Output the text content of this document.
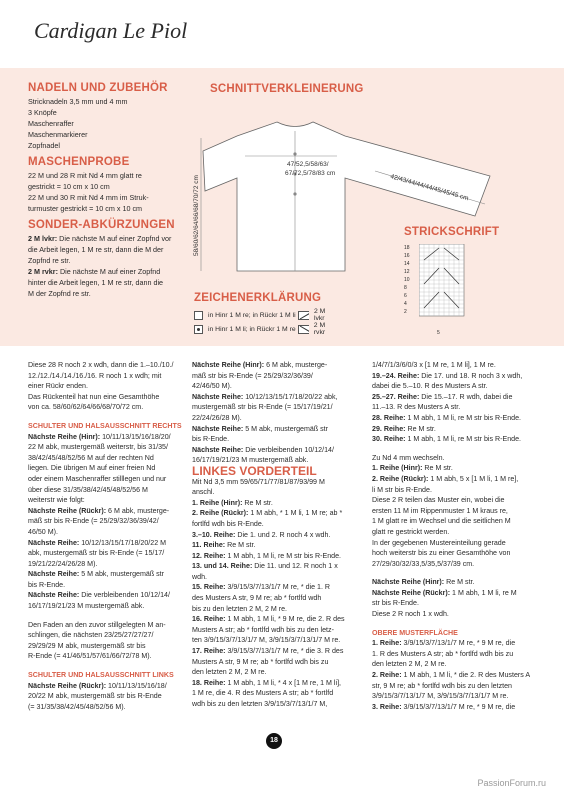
Cardigan Le Piol

NADELN UND ZUBEHÖR

Stricknadeln 3,5 mm und 4 mm

3 Knöpfe

Maschenraffer

Maschenmarkierer

Zopfnadel

MASCHENPROBE

22 M und 28 R mit Nd 4 mm glatt re

gestrickt = 10 cm x 10 cm

22 M und 30 R mit Nd 4 mm im Struk-

turmuster gestrickt = 10 cm x 10 cm

SONDER-ABKÜRZUNGEN

2 M lvkr: Die nächste M auf einer Zopfnd vor

die Arbeit legen, 1 M re str, dann die M der

Zopfnd re str.

2 M rvkr: Die nächste M auf einer Zopfnd

hinter die Arbeit legen, 1 M re str, dann die

M der Zopfnd re str.

SCHNITTVERKLEINERUNG

58/60/62/64/66/68/70/72 cm
47/52,5/58/63/
67/72,5/78/83 cm	42/43/44/44/44/45/45/45 cm

STRICKSCHRIFT

18
16
14
12
10
8
6
4
2
5

ZEICHENERKLÄRUNG

in Hinr 1 M re; in Rückr 1 M li
in Hinr 1 M li; in Rückr 1 M re
2 M lvkr
2 M rvkr

Diese 28 R noch 2 x wdh, dann die 1.–10./10./

12./12./14./14./16./16. R noch 1 x wdh; mit

einer Rückr enden.

Das Rückenteil hat nun eine Gesamthöhe

von ca. 58/60/62/64/66/68/70/72 cm.

SCHULTER UND HALSAUSSCHNITT RECHTS

Nächste Reihe (Hinr): 10/11/13/15/16/18/20/

22 M abk, mustergemäß weiterstr, bis 31/35/

38/42/45/48/52/56 M auf der rechten Nd

liegen. Die übrigen M auf einer freien Nd

oder einem Maschenraffer stilllegen und nur

über diese 31/35/38/42/45/48/52/56 M

weiterstr wie folgt:

Nächste Reihe (Rückr): 6 M abk, musterge-

mäß str bis R-Ende (= 25/29/32/36/39/42/

46/50 M).

Nächste Reihe: 10/12/13/15/17/18/20/22 M

abk, mustergemäß str bis R-Ende (= 15/17/

19/21/22/24/26/28 M).

Nächste Reihe: 5 M abk, mustergemäß str

bis R-Ende.

Nächste Reihe: Die verbleibenden 10/12/14/

16/17/19/21/23 M mustergemäß abk.

Den Faden an den zuvor stillgelegten M an-

schlingen, die nächsten 23/25/27/27/27/

29/29/29 M abk, mustergemäß str bis

R-Ende (= 41/46/51/57/61/66/72/78 M).

SCHULTER UND HALSAUSSCHNITT LINKS

Nächste Reihe (Rückr): 10/11/13/15/16/18/

20/22 M abk, mustergemäß str bis R-Ende

(= 31/35/38/42/45/48/52/56 M).

Nächste Reihe (Hinr): 6 M abk, musterge-

mäß str bis R-Ende (= 25/29/32/36/39/

42/46/50 M).

Nächste Reihe: 10/12/13/15/17/18/20/22 abk,

mustergemäß str bis R-Ende (= 15/17/19/21/

22/24/26/28 M).

Nächste Reihe: 5 M abk, mustergemäß str

bis R-Ende.

Nächste Reihe: Die verbleibenden 10/12/14/

16/17/19/21/23 M mustergemäß abk.

LINKES VORDERTEIL

Mit Nd 3,5 mm 59/65/71/77/81/87/93/99 M

anschl.

1. Reihe (Hinr): Re M str.

2. Reihe (Rückr): 1 M abh, * 1 M li, 1 M re; ab *

fortlfd wdh bis R-Ende.

3.–10. Reihe: Die 1. und 2. R noch 4 x wdh.

11. Reihe: Re M str.

12. Reihe: 1 M abh, 1 M li, re M str bis R-Ende.

13. und 14. Reihe: Die 11. und 12. R noch 1 x

wdh.

15. Reihe: 3/9/15/3/7/13/1/7 M re, * die 1. R

des Musters A str, 9 M re; ab * fortlfd wdh

bis zu den letzten 2 M, 2 M re.

16. Reihe: 1 M abh, 1 M li, * 9 M re, die 2. R des

Musters A str; ab * fortlfd wdh bis zu den letz-

ten 3/9/15/3/7/13/1/7 M, 3/9/15/3/7/13/1/7 M re.

17. Reihe: 3/9/15/3/7/13/1/7 M re, * die 3. R des

Musters A str, 9 M re; ab * fortlfd wdh bis zu

den letzten 2 M, 2 M re.

18. Reihe: 1 M abh, 1 M li, * 4 x [1 M re, 1 M li],

1 M re, die 4. R des Musters A str; ab * fortlfd

wdh bis zu den letzten 3/9/15/3/7/13/1/7 M,

1/4/7/1/3/6/0/3 x [1 M re, 1 M li], 1 M re.

19.–24. Reihe: Die 17. und 18. R noch 3 x wdh,

dabei die 5.–10. R des Musters A str.

25.–27. Reihe: Die 15.–17. R wdh, dabei die

11.–13. R des Musters A str.

28. Reihe: 1 M abh, 1 M li, re M str bis R-Ende.

29. Reihe: Re M str.

30. Reihe: 1 M abh, 1 M li, re M str bis R-Ende.

Zu Nd 4 mm wechseln.

1. Reihe (Hinr): Re M str.

2. Reihe (Rückr): 1 M abh, 5 x [1 M li, 1 M re],

li M str bis R-Ende.

Diese 2 R teilen das Muster ein, wobei die

ersten 11 M im Rippenmuster 1 M kraus re,

1 M glatt re im Wechsel und die seitlichen M

glatt re gestrickt werden.

In der gegebenen Mustereinteilung gerade

hoch weiterstr bis zu einer Gesamthöhe von

27/29/30/32/33,5/35,5/37/39 cm.

Nächste Reihe (Hinr): Re M str.

Nächste Reihe (Rückr): 1 M abh, 1 M li, re M

str bis R-Ende.

Diese 2 R noch 1 x wdh.

OBERE MUSTERFLÄCHE

1. Reihe: 3/9/15/3/7/13/1/7 M re, * 9 M re, die

1. R des Musters A str; ab * fortlfd wdh bis zu

den letzten 2 M, 2 M re.

2. Reihe: 1 M abh, 1 M li, * die 2. R des Musters A

str, 9 M re; ab * fortlfd wdh bis zu den letzten

3/9/15/3/7/13/1/7 M, 3/9/15/3/7/13/1/7 M re.

3. Reihe: 3/9/15/3/7/13/1/7 M re, * 9 M re, die

18
PassionForum.ru
